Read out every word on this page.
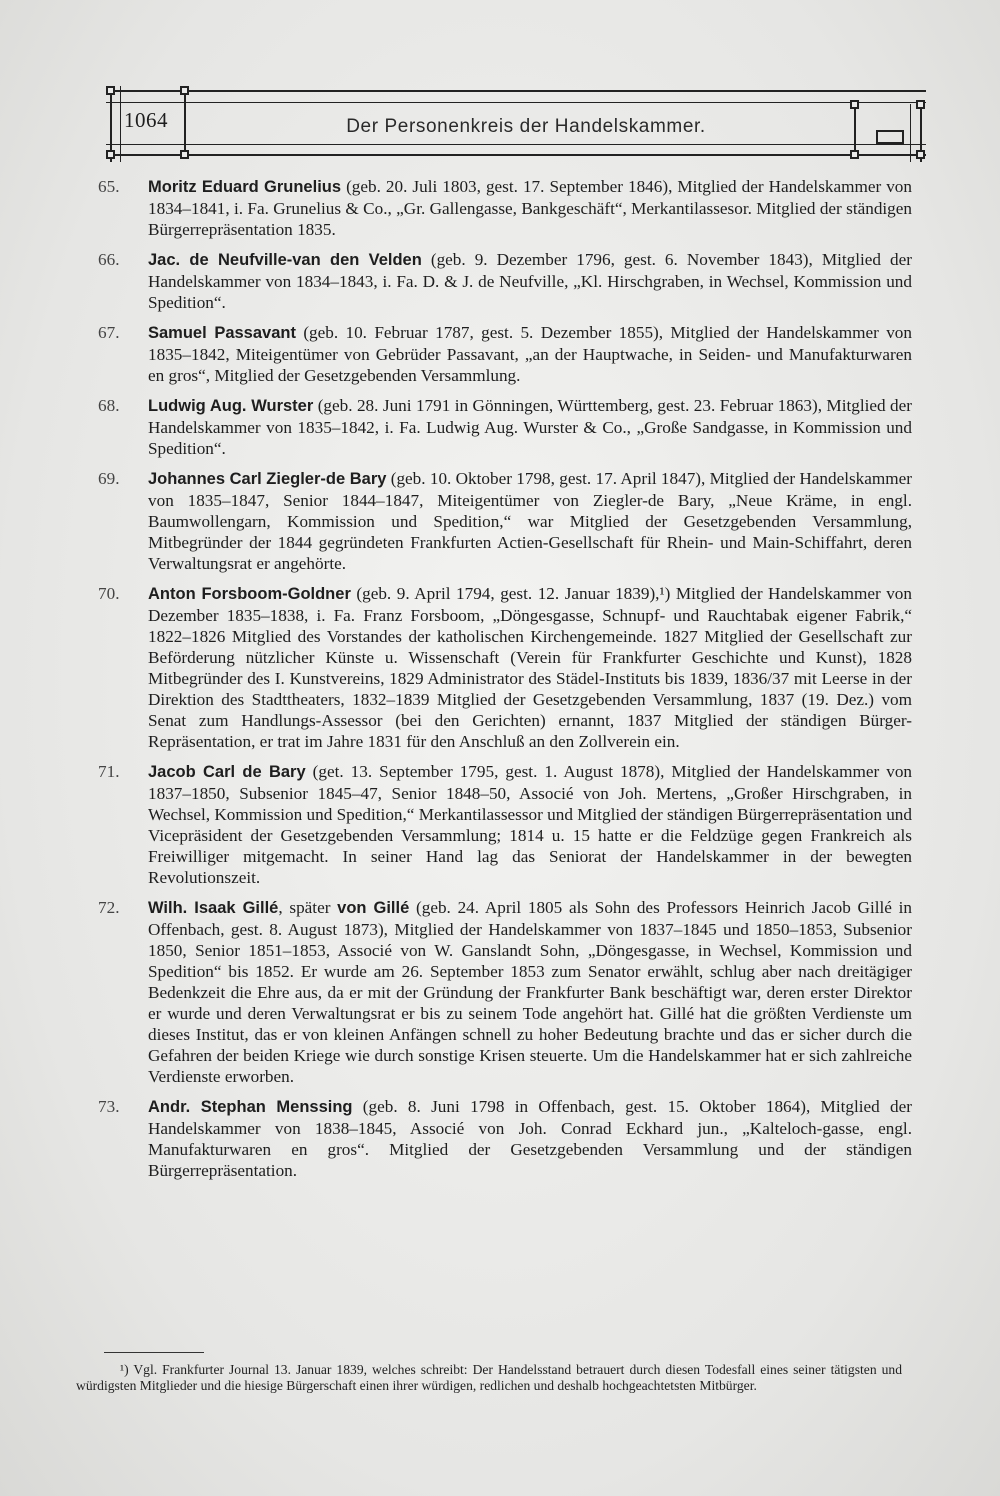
1064	Der Personenkreis der Handelskammer.
65.	Moritz Eduard Grunelius (geb. 20. Juli 1803, gest. 17. September 1846), Mitglied der Handelskammer von 1834–1841, i. Fa. Grunelius & Co., „Gr. Gallengasse, Bankgeschäft“, Merkantilassesor. Mitglied der ständigen Bürgerrepräsentation 1835.
66.	Jac. de Neufville-van den Velden (geb. 9. Dezember 1796, gest. 6. November 1843), Mitglied der Handelskammer von 1834–1843, i. Fa. D. & J. de Neufville, „Kl. Hirschgraben, in Wechsel, Kommission und Spedition“.
67.	Samuel Passavant (geb. 10. Februar 1787, gest. 5. Dezember 1855), Mitglied der Handelskammer von 1835–1842, Miteigentümer von Gebrüder Passavant, „an der Hauptwache, in Seiden- und Manufakturwaren en gros“, Mitglied der Gesetzgebenden Versammlung.
68.	Ludwig Aug. Wurster (geb. 28. Juni 1791 in Gönningen, Württemberg, gest. 23. Februar 1863), Mitglied der Handelskammer von 1835–1842, i. Fa. Ludwig Aug. Wurster & Co., „Große Sandgasse, in Kommission und Spedition“.
69.	Johannes Carl Ziegler-de Bary (geb. 10. Oktober 1798, gest. 17. April 1847), Mitglied der Handelskammer von 1835–1847, Senior 1844–1847, Miteigentümer von Ziegler-de Bary, „Neue Kräme, in engl. Baumwollengarn, Kommission und Spedition,“ war Mitglied der Gesetzgebenden Versammlung, Mitbegründer der 1844 gegründeten Frankfurten Actien-Gesellschaft für Rhein- und Main-Schiffahrt, deren Verwaltungsrat er angehörte.
70.	Anton Forsboom-Goldner (geb. 9. April 1794, gest. 12. Januar 1839),¹) Mitglied der Handelskammer von Dezember 1835–1838, i. Fa. Franz Forsboom, „Döngesgasse, Schnupf- und Rauchtabak eigener Fabrik,“ 1822–1826 Mitglied des Vorstandes der katholischen Kirchengemeinde. 1827 Mitglied der Gesellschaft zur Beförderung nützlicher Künste u. Wissenschaft (Verein für Frankfurter Geschichte und Kunst), 1828 Mitbegründer des I. Kunstvereins, 1829 Administrator des Städel-Instituts bis 1839, 1836/37 mit Leerse in der Direktion des Stadttheaters, 1832–1839 Mitglied der Gesetzgebenden Versammlung, 1837 (19. Dez.) vom Senat zum Handlungs-Assessor (bei den Gerichten) ernannt, 1837 Mitglied der ständigen Bürger-Repräsentation, er trat im Jahre 1831 für den Anschluß an den Zollverein ein.
71.	Jacob Carl de Bary (get. 13. September 1795, gest. 1. August 1878), Mitglied der Handelskammer von 1837–1850, Subsenior 1845–47, Senior 1848–50, Associé von Joh. Mertens, „Großer Hirschgraben, in Wechsel, Kommission und Spedition,“ Merkantilassessor und Mitglied der ständigen Bürgerrepräsentation und Vicepräsident der Gesetzgebenden Versammlung; 1814 u. 15 hatte er die Feldzüge gegen Frankreich als Freiwilliger mitgemacht. In seiner Hand lag das Seniorat der Handelskammer in der bewegten Revolutionszeit.
72.	Wilh. Isaak Gillé, später von Gillé (geb. 24. April 1805 als Sohn des Professors Heinrich Jacob Gillé in Offenbach, gest. 8. August 1873), Mitglied der Handelskammer von 1837–1845 und 1850–1853, Subsenior 1850, Senior 1851–1853, Associé von W. Ganslandt Sohn, „Döngesgasse, in Wechsel, Kommission und Spedition“ bis 1852. Er wurde am 26. September 1853 zum Senator erwählt, schlug aber nach dreitägiger Bedenkzeit die Ehre aus, da er mit der Gründung der Frankfurter Bank beschäftigt war, deren erster Direktor er wurde und deren Verwaltungsrat er bis zu seinem Tode angehört hat. Gillé hat die größten Verdienste um dieses Institut, das er von kleinen Anfängen schnell zu hoher Bedeutung brachte und das er sicher durch die Gefahren der beiden Kriege wie durch sonstige Krisen steuerte. Um die Handelskammer hat er sich zahlreiche Verdienste erworben.
73.	Andr. Stephan Menssing (geb. 8. Juni 1798 in Offenbach, gest. 15. Oktober 1864), Mitglied der Handelskammer von 1838–1845, Associé von Joh. Conrad Eckhard jun., „Kalteloch-gasse, engl. Manufakturwaren en gros“. Mitglied der Gesetzgebenden Versammlung und der ständigen Bürgerrepräsentation.
¹) Vgl. Frankfurter Journal 13. Januar 1839, welches schreibt: Der Handelsstand betrauert durch diesen Todesfall eines seiner tätigsten und würdigsten Mitglieder und die hiesige Bürgerschaft einen ihrer würdigen, redlichen und deshalb hochgeachtetsten Mitbürger.
